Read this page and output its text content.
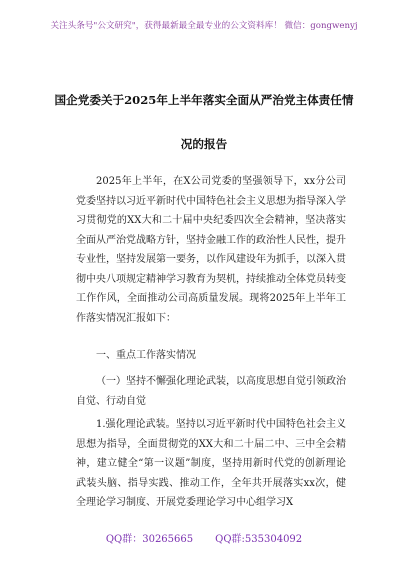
关注头条号"公文研究"，获得最新最全最专业的公文资料库！ 微信：gongwenyj
国企党委关于2025年上半年落实全面从严治党主体责任情
况的报告

2025年上半年，在X公司党委的坚强领导下，xx分公司党委坚持以习近平新时代中国特色社会主义思想为指导深入学习贯彻党的XX大和二十届中央纪委四次全会精神，坚决落实全面从严治党战略方针，坚持金融工作的政治性人民性，提升专业性，坚持发展第一要务，以作风建设年为抓手，以深入贯彻中央八项规定精神学习教育为契机，持续推动全体党员转变工作作风，全面推动公司高质量发展。现将2025年上半年工作落实情况汇报如下：

一、重点工作落实情况

（一）坚持不懈强化理论武装，以高度思想自觉引领政治自觉、行动自觉

1.强化理论武装。坚持以习近平新时代中国特色社会主义思想为指导，全面贯彻党的XX大和二十届二中、三中全会精神，建立健全“第一议题”制度，坚持用新时代党的创新理论武装头脑、指导实践、推动工作，全年共开展落实xx次，健全理论学习制度、开展党委理论学习中心组学习X

QQ群：30265665 QQ群:535304092
